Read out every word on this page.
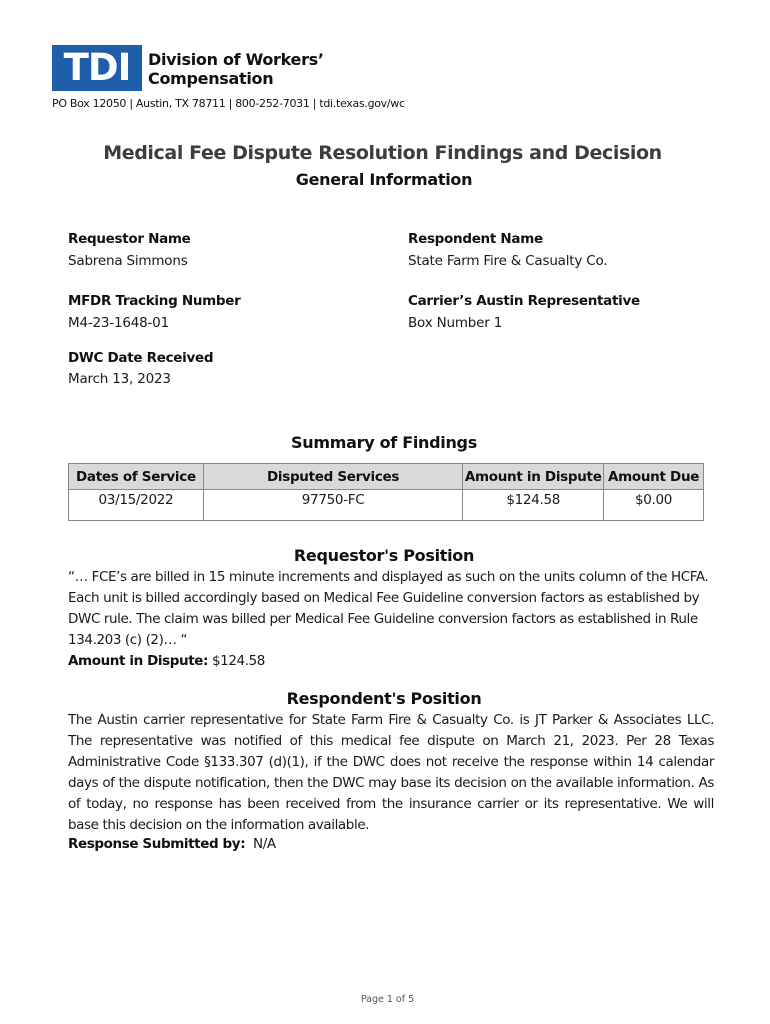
TDI	Division of Workers’
Compensation
PO Box 12050 | Austin, TX 78711 | 800-252-7031 | tdi.texas.gov/wc
Medical Fee Dispute Resolution Findings and Decision
General Information
Requestor Name
Sabrena Simmons
Respondent Name
State Farm Fire & Casualty Co.
MFDR Tracking Number
M4-23-1648-01
Carrier’s Austin Representative
Box Number 1
DWC Date Received
March 13, 2023
Summary of Findings
Dates of Service	Disputed Services	Amount in Dispute	Amount Due
03/15/2022	97750-FC	$124.58	$0.00
Requestor's Position

“… FCE’s are billed in 15 minute increments and displayed as such on the units column of the HCFA. Each unit is billed accordingly based on Medical Fee Guideline conversion factors as established by DWC rule. The claim was billed per Medical Fee Guideline conversion factors as established in Rule 134.203 (c) (2)… “

Amount in Dispute: $124.58

Respondent's Position

The Austin carrier representative for State Farm Fire & Casualty Co. is JT Parker & Associates LLC. The representative was notified of this medical fee dispute on March 21, 2023. Per 28 Texas Administrative Code §133.307 (d)(1), if the DWC does not receive the response within 14 calendar days of the dispute notification, then the DWC may base its decision on the available information. As of today, no response has been received from the insurance carrier or its representative. We will base this decision on the information available.

Response Submitted by:  N/A

Page 1 of 5
